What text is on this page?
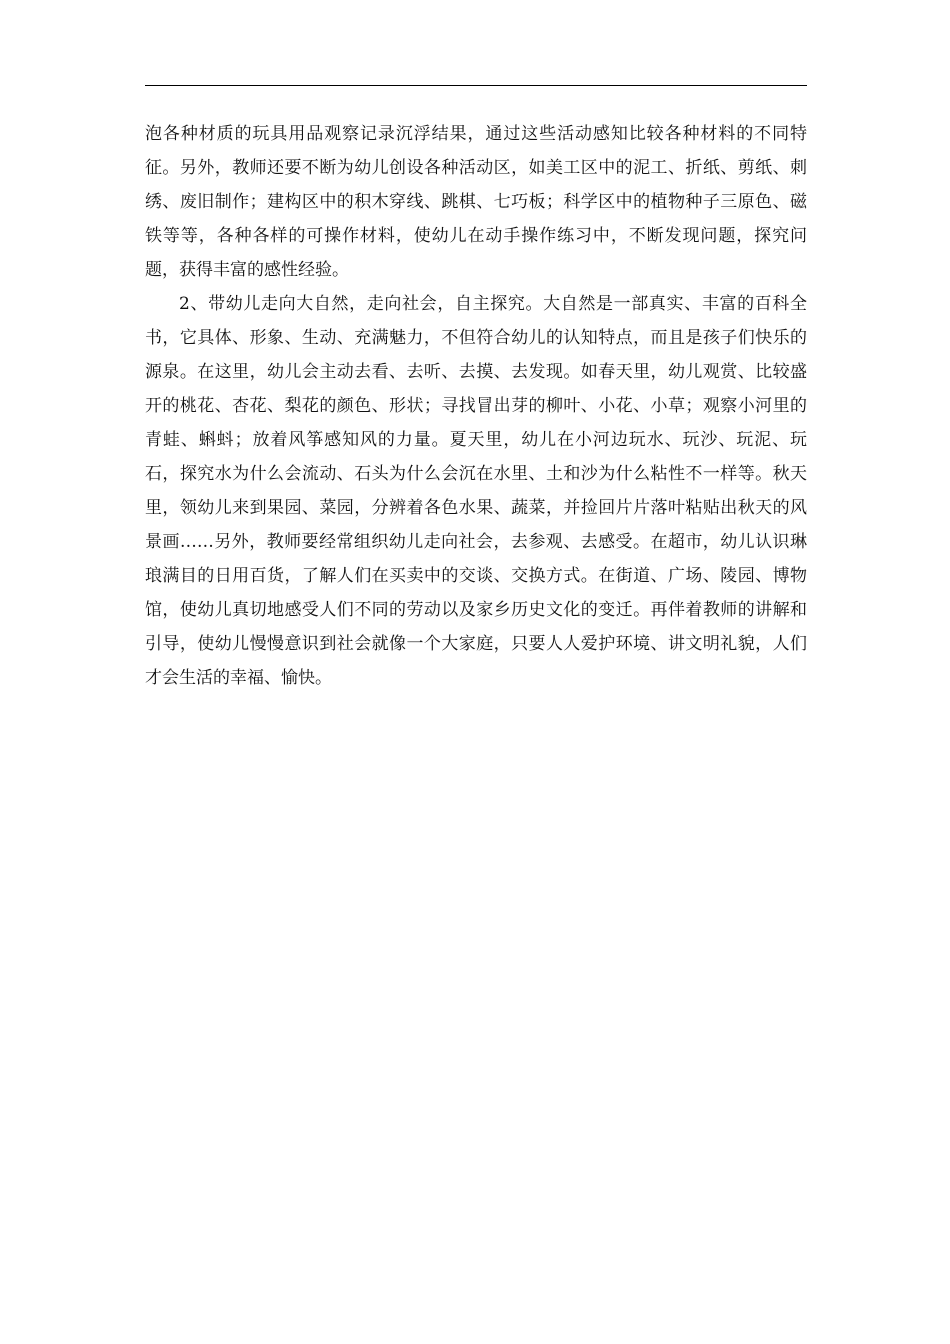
泡各种材质的玩具用品观察记录沉浮结果，通过这些活动感知比较各种材料的不同特征。另外，教师还要不断为幼儿创设各种活动区，如美工区中的泥工、折纸、剪纸、刺绣、废旧制作；建构区中的积木穿线、跳棋、七巧板；科学区中的植物种子三原色、磁铁等等，各种各样的可操作材料，使幼儿在动手操作练习中，不断发现问题，探究问题，获得丰富的感性经验。

2、带幼儿走向大自然，走向社会，自主探究。大自然是一部真实、丰富的百科全书，它具体、形象、生动、充满魅力，不但符合幼儿的认知特点，而且是孩子们快乐的源泉。在这里，幼儿会主动去看、去听、去摸、去发现。如春天里，幼儿观赏、比较盛开的桃花、杏花、梨花的颜色、形状；寻找冒出芽的柳叶、小花、小草；观察小河里的青蛙、蝌蚪；放着风筝感知风的力量。夏天里，幼儿在小河边玩水、玩沙、玩泥、玩石，探究水为什么会流动、石头为什么会沉在水里、土和沙为什么粘性不一样等。秋天里，领幼儿来到果园、菜园，分辨着各色水果、蔬菜，并捡回片片落叶粘贴出秋天的风景画……另外，教师要经常组织幼儿走向社会，去参观、去感受。在超市，幼儿认识琳琅满目的日用百货，了解人们在买卖中的交谈、交换方式。在街道、广场、陵园、博物馆，使幼儿真切地感受人们不同的劳动以及家乡历史文化的变迁。再伴着教师的讲解和引导，使幼儿慢慢意识到社会就像一个大家庭，只要人人爱护环境、讲文明礼貌，人们才会生活的幸福、愉快。
